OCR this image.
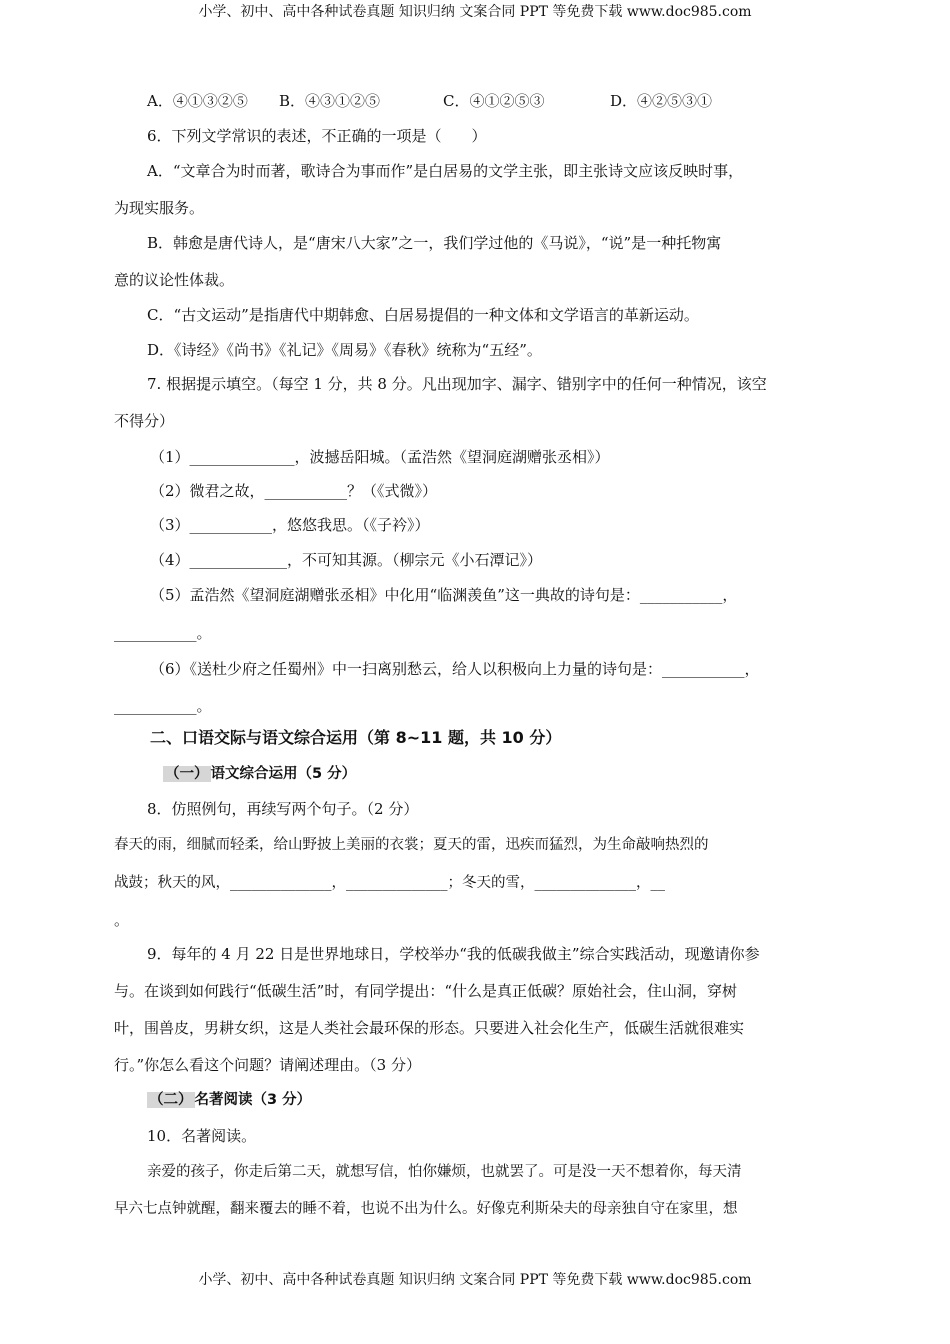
小学、初中、高中各种试卷真题 知识归纳 文案合同 PPT 等免费下载 www.doc985.com
A．④①③②⑤ B．④③①②⑤	C．④①②⑤③	D．④②⑤③①
6．下列文学常识的表述，不正确的一项是（　　）
A．“文章合为时而著，歌诗合为事而作”是白居易的文学主张，即主张诗文应该反映时事，
为现实服务。
B．韩愈是唐代诗人，是“唐宋八大家”之一，我们学过他的《马说》，“说”是一种托物寓
意的议论性体裁。
C．“古文运动”是指唐代中期韩愈、白居易提倡的一种文体和文学语言的革新运动。
D．《诗经》《尚书》《礼记》《周易》《春秋》统称为“五经”。
7. 根据提示填空。（每空 1 分，共 8 分。凡出现加字、漏字、错别字中的任何一种情况，该空
不得分）
（1）______________，波撼岳阳城。（孟浩然《望洞庭湖赠张丞相》）
（2）微君之故，___________？（《式微》）
（3）___________，悠悠我思。（《子衿》）
（4）_____________，不可知其源。（柳宗元《小石潭记》）
（5）孟浩然《望洞庭湖赠张丞相》中化用“临渊羡鱼”这一典故的诗句是：___________，
___________。
（6）《送杜少府之任蜀州》中一扫离别愁云，给人以积极向上力量的诗句是：___________，
___________。
二、口语交际与语文综合运用（第 8~11 题，共 10 分）
（一） 语文综合运用（5 分）
8．仿照例句，再续写两个句子。（2 分）
春天的雨，细腻而轻柔，给山野披上美丽的衣裳；夏天的雷，迅疾而猛烈，为生命敲响热烈的
战鼓；秋天的风，______________，______________；冬天的雪，______________，__
。
9．每年的 4 月 22 日是世界地球日，学校举办“我的低碳我做主”综合实践活动，现邀请你参
与。在谈到如何践行“低碳生活”时，有同学提出：“什么是真正低碳？原始社会，住山洞，穿树
叶，围兽皮，男耕女织，这是人类社会最环保的形态。只要进入社会化生产，低碳生活就很难实
行。”你怎么看这个问题？请阐述理由。（3 分）
（二） 名著阅读（3 分）
10．名著阅读。
亲爱的孩子，你走后第二天，就想写信，怕你嫌烦，也就罢了。可是没一天不想着你，每天清
早六七点钟就醒，翻来覆去的睡不着，也说不出为什么。好像克利斯朵夫的母亲独自守在家里，想
小学、初中、高中各种试卷真题 知识归纳 文案合同 PPT 等免费下载 www.doc985.com
